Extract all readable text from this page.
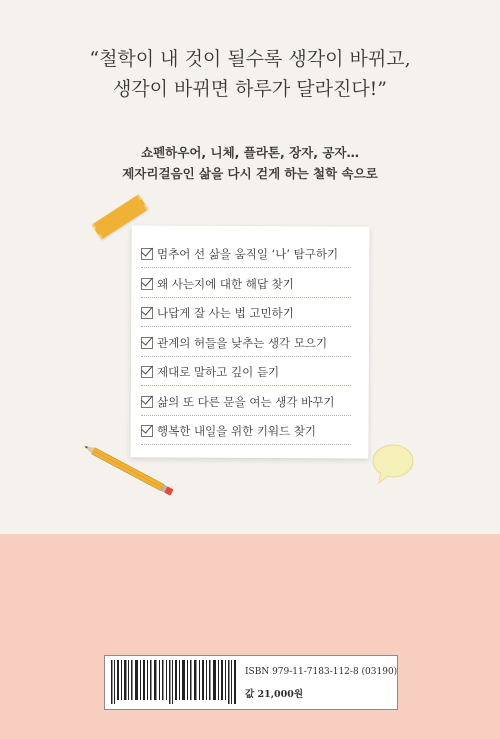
“철학이 내 것이 될수록 생각이 바뀌고,
생각이 바뀌면 하루가 달라진다!”
쇼펜하우어, 니체, 플라톤, 장자, 공자…
제자리걸음인 삶을 다시 걷게 하는 철학 속으로
멈추어 선 삶을 움직일 ‘나’ 탐구하기
왜 사는지에 대한 해답 찾기
나답게 잘 사는 법 고민하기
관계의 허들을 낮추는 생각 모으기
제대로 말하고 깊이 듣기
삶의 또 다른 문을 여는 생각 바꾸기
행복한 내일을 위한 키워드 찾기
ISBN 979-11-7183-112-8 (03190)
값 21,000원
